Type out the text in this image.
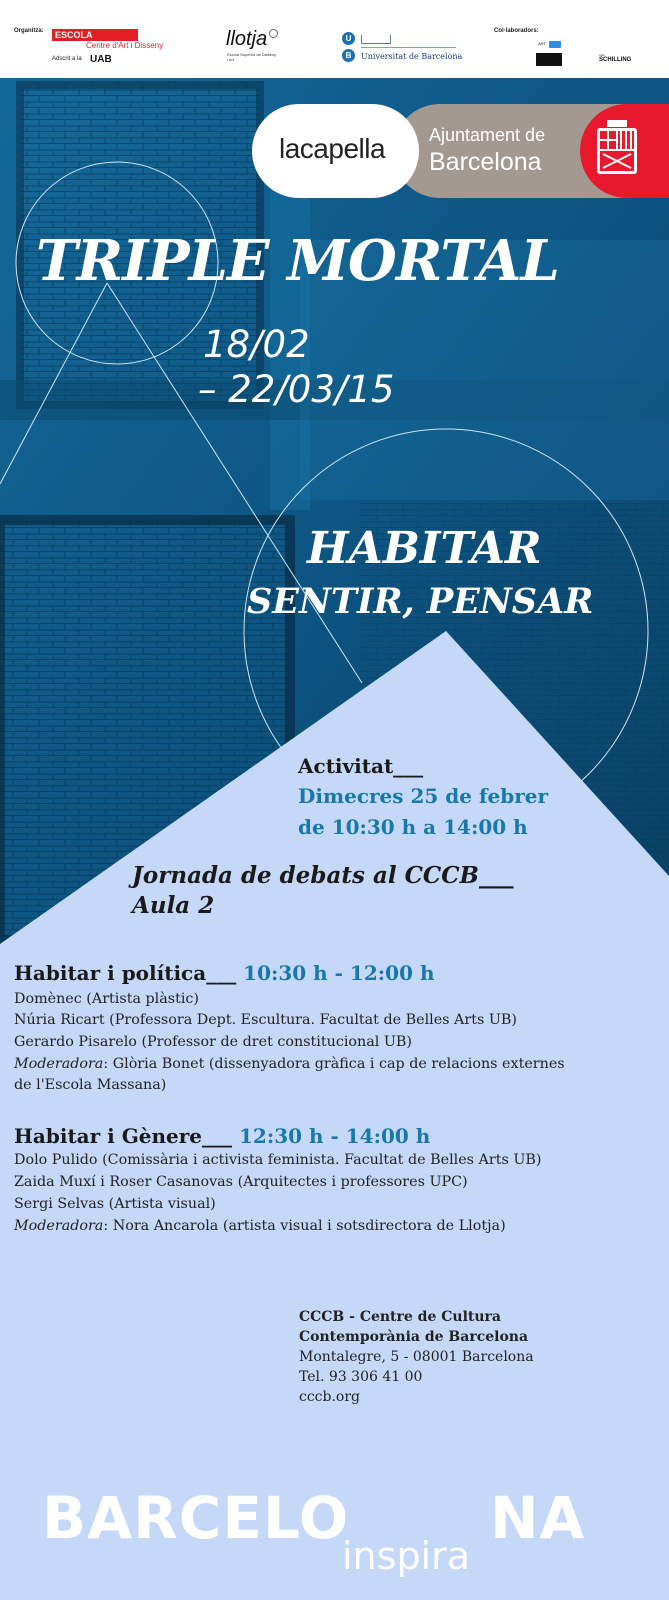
Organitza:	ESCOLA MASSANA
Centre d'Art i Disseny
Adscrit a la UAB
llotja
Escola Superior de Disseny i Art
U
B	Universitat de Barcelona
Col·laboradors:
ART
café
SCHILLING
lacapella Ajuntament de
Barcelona
TRIPLE MORTAL
18/02
– 22/03/15
HABITAR
SENTIR, PENSAR
Activitat___
Dimecres 25 de febrer
de 10:30 h a 14:00 h
Jornada de debats al CCCB___
Aula 2
Habitar i política___ 10:30 h - 12:00 h
Domènec (Artista plàstic)
Núria Ricart (Professora Dept. Escultura. Facultat de Belles Arts UB)
Gerardo Pisarelo (Professor de dret constitucional UB)
Moderadora: Glòria Bonet (dissenyadora gràfica i cap de relacions externes
de l'Escola Massana)
Habitar i Gènere___ 12:30 h - 14:00 h
Dolo Pulido (Comissària i activista feminista. Facultat de Belles Arts UB)
Zaida Muxí i Roser Casanovas (Arquitectes i professores UPC)
Sergi Selvas (Artista visual)
Moderadora: Nora Ancarola (artista visual i sotsdirectora de Llotja)
CCCB - Centre de Cultura
Contemporània de Barcelona
Montalegre, 5 - 08001 Barcelona
Tel. 93 306 41 00
cccb.org
BARCELO NA
inspira
